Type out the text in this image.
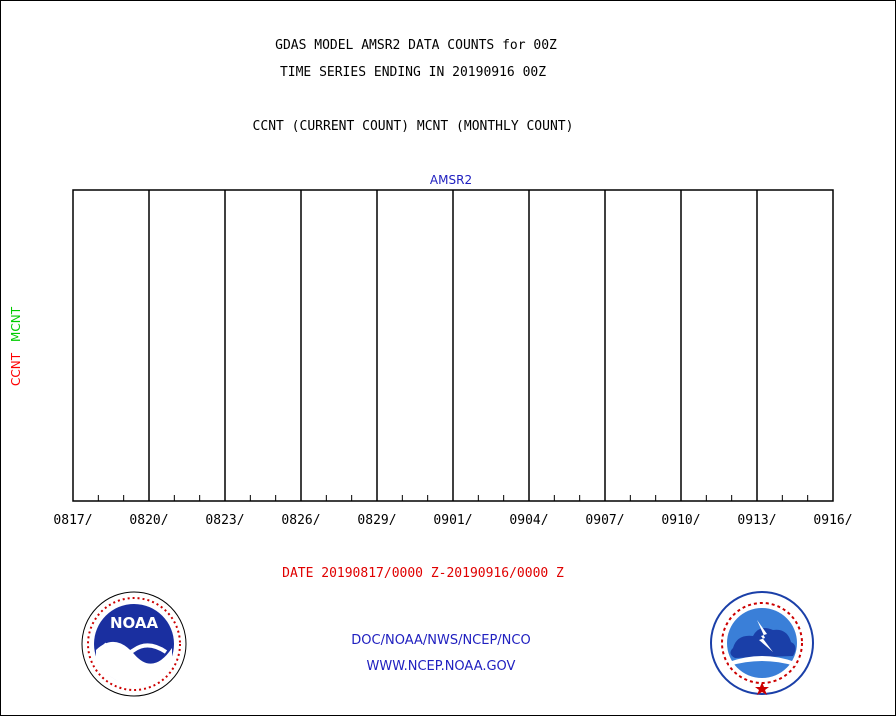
GDAS MODEL AMSR2 DATA COUNTS for 00Z
TIME SERIES ENDING IN 20190916 00Z
CCNT (CURRENT COUNT) MCNT (MONTHLY COUNT)
AMSR2
0817/	0820/	0823/	0826/	0829/	0901/	0904/	0907/	0910/	0913/	0916/
CCNT
MCNT
DATE 20190817/0000 Z-20190916/0000 Z
DOC/NOAA/NWS/NCEP/NCO
WWW.NCEP.NOAA.GOV
NOAA
